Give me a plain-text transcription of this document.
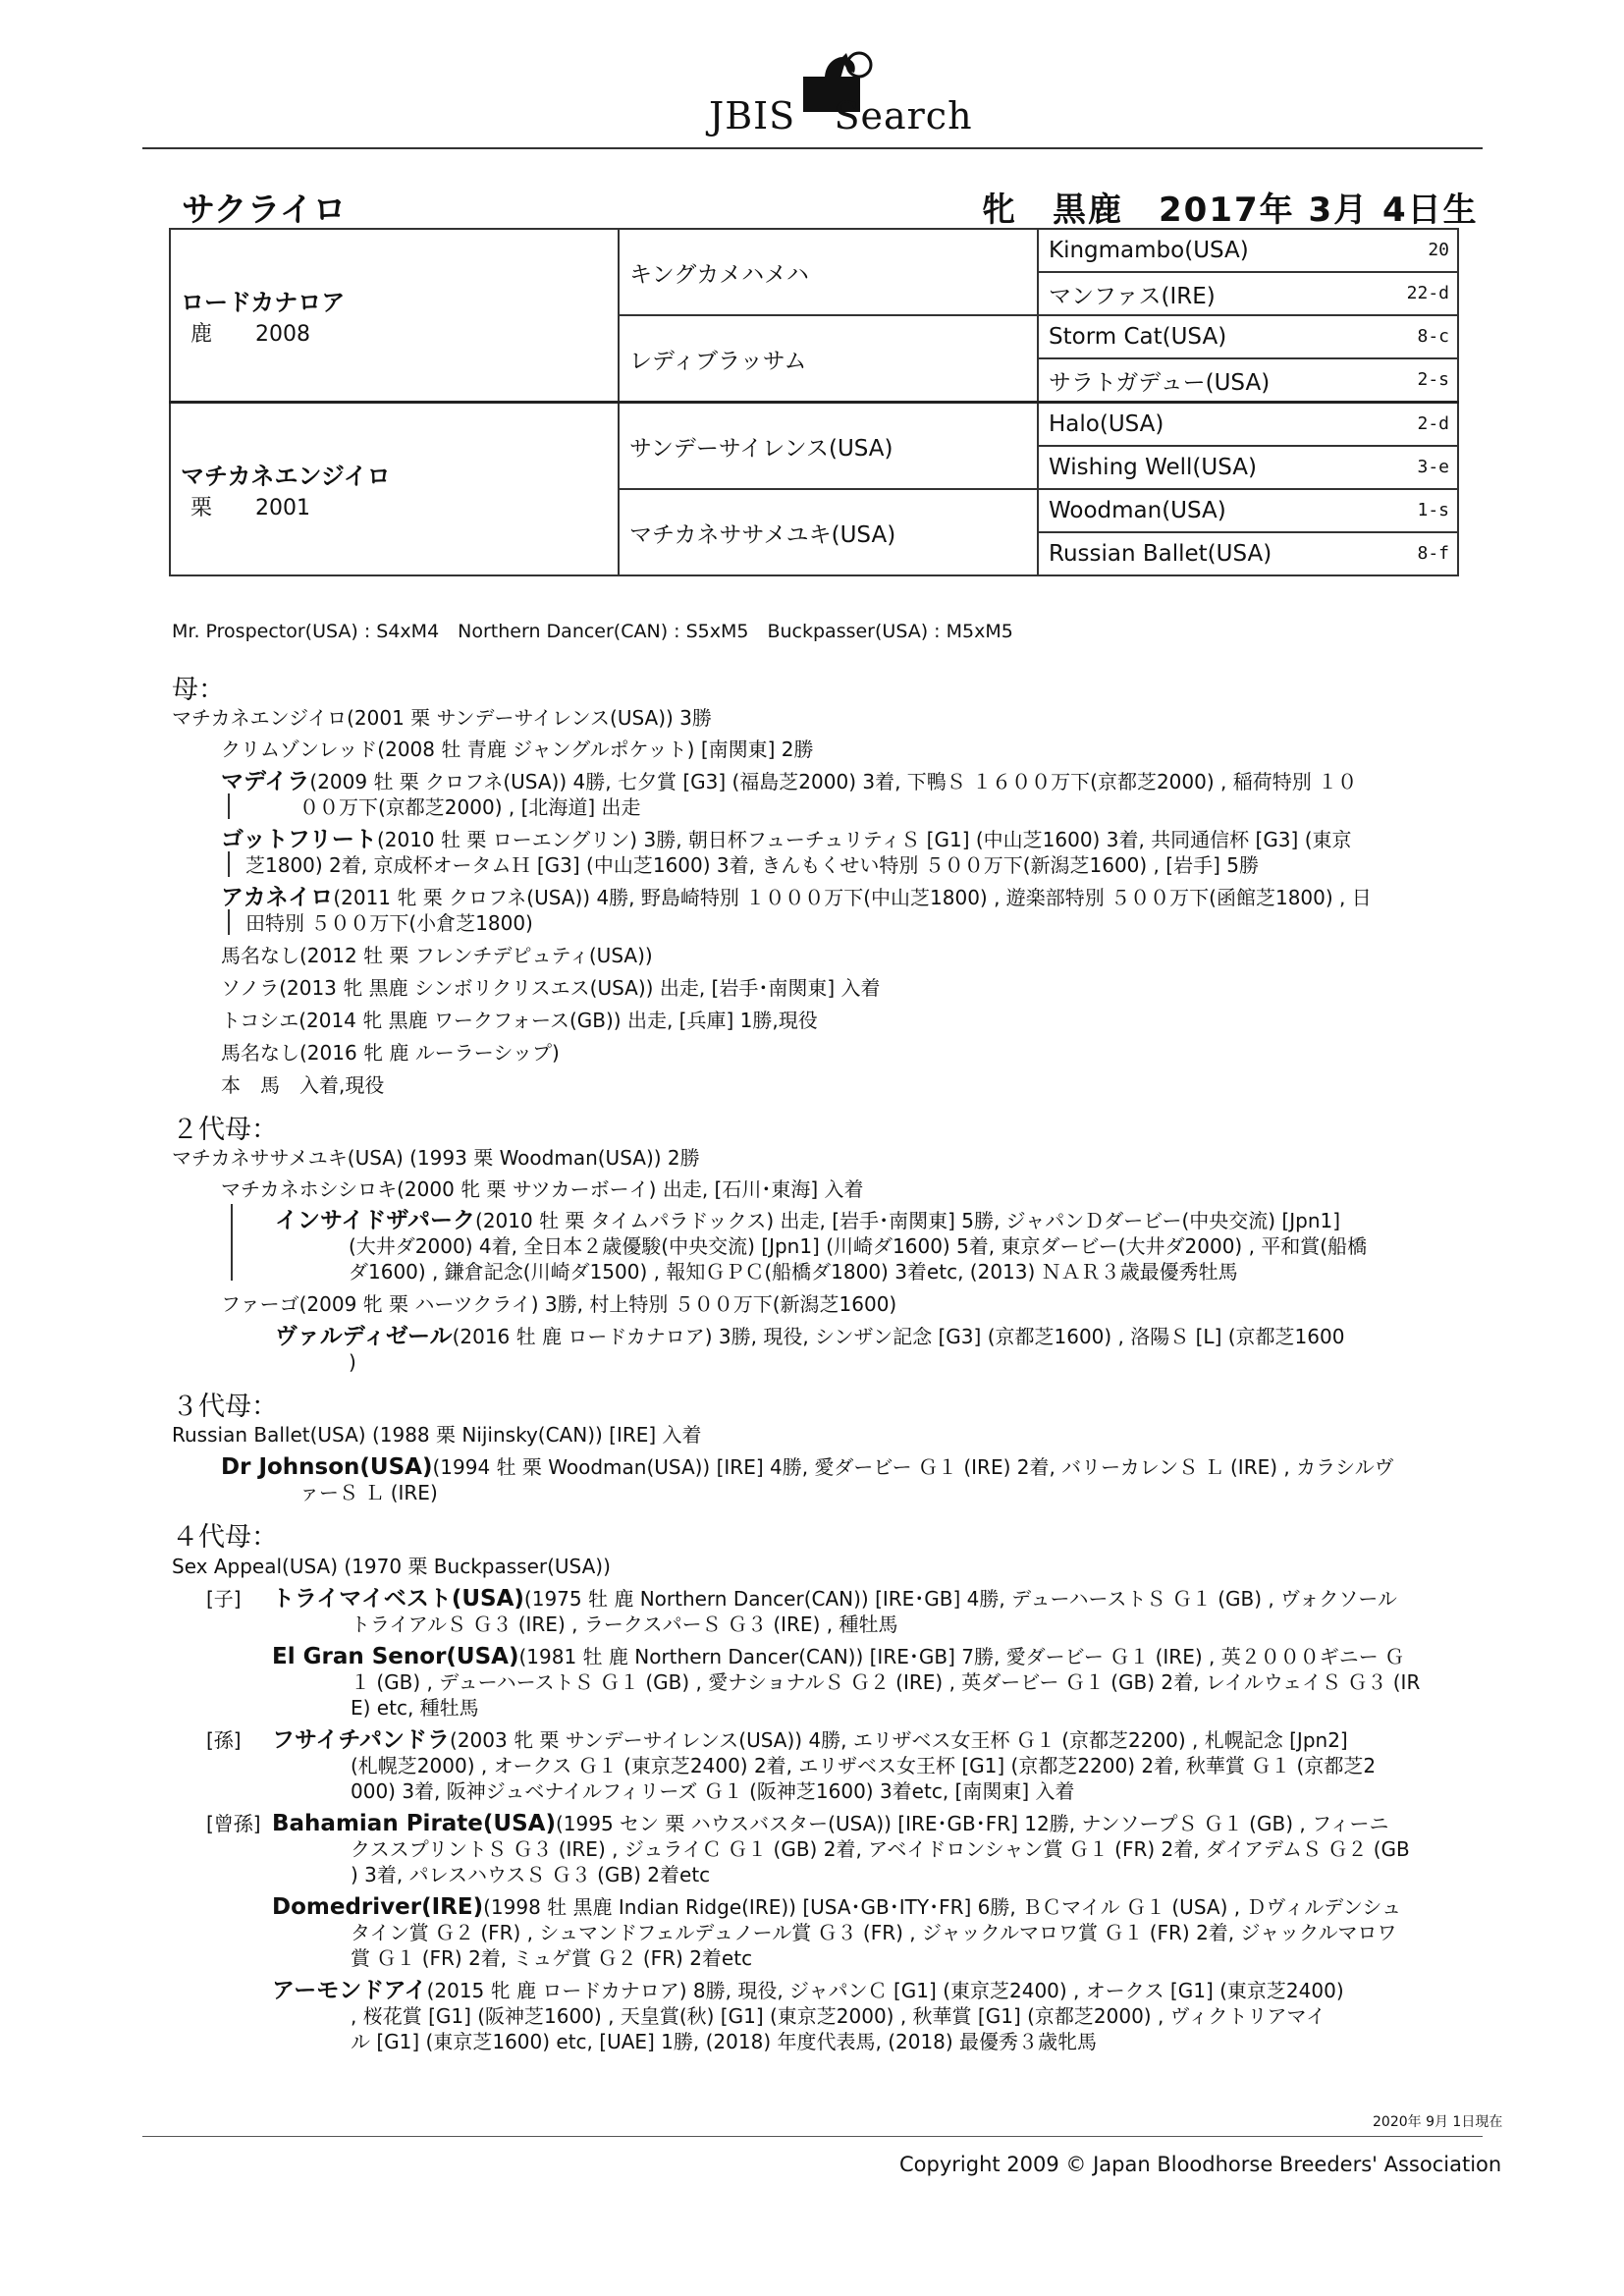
JBIS Search
サクライロ	牝　黒鹿　2017年 3月 4日生
ロードカナロア
鹿　　2008	キングカメハメハ	Kingmambo(USA) 20

		マンファス(IRE) 22-d

	レディブラッサム	Storm Cat(USA) 8-c

		サラトガデュー(USA) 2-s

マチカネエンジイロ
栗　　2001	サンデーサイレンス(USA)	Halo(USA) 2-d

		Wishing Well(USA) 3-e

	マチカネササメユキ(USA)	Woodman(USA) 1-s

		Russian Ballet(USA) 8-f
Mr. Prospector(USA) : S4xM4　Northern Dancer(CAN) : S5xM5　Buckpasser(USA) : M5xM5
母：
マチカネエンジイロ(2001 栗 サンデーサイレンス(USA)) 3勝
クリムゾンレッド(2008 牡 青鹿 ジャングルポケット) [南関東] 2勝
マデイラ(2009 牡 栗 クロフネ(USA)) 4勝, 七夕賞 [G3] (福島芝2000) 3着, 下鴨Ｓ １６００万下(京都芝2000) , 稲荷特別 １０
００万下(京都芝2000) , [北海道] 出走
ゴットフリート(2010 牡 栗 ローエングリン) 3勝, 朝日杯フューチュリティＳ [G1] (中山芝1600) 3着, 共同通信杯 [G3] (東京
芝1800) 2着, 京成杯オータムＨ [G3] (中山芝1600) 3着, きんもくせい特別 ５００万下(新潟芝1600) , [岩手] 5勝
アカネイロ(2011 牝 栗 クロフネ(USA)) 4勝, 野島崎特別 １０００万下(中山芝1800) , 遊楽部特別 ５００万下(函館芝1800) , 日
田特別 ５００万下(小倉芝1800)
馬名なし(2012 牡 栗 フレンチデピュティ(USA))
ソノラ(2013 牝 黒鹿 シンボリクリスエス(USA)) 出走, [岩手･南関東] 入着
トコシエ(2014 牝 黒鹿 ワークフォース(GB)) 出走, [兵庫] 1勝,現役
馬名なし(2016 牝 鹿 ルーラーシップ)
本　馬　入着,現役
２代母：
マチカネササメユキ(USA) (1993 栗 Woodman(USA)) 2勝
マチカネホシシロキ(2000 牝 栗 サツカーボーイ) 出走, [石川･東海] 入着
インサイドザパーク(2010 牡 栗 タイムパラドックス) 出走, [岩手･南関東] 5勝, ジャパンＤダービー(中央交流) [Jpn1]
(大井ダ2000) 4着, 全日本２歳優駿(中央交流) [Jpn1] (川崎ダ1600) 5着, 東京ダービー(大井ダ2000) , 平和賞(船橋
ダ1600) , 鎌倉記念(川崎ダ1500) , 報知ＧＰＣ(船橋ダ1800) 3着etc, (2013) ＮＡＲ３歳最優秀牡馬
ファーゴ(2009 牝 栗 ハーツクライ) 3勝, 村上特別 ５００万下(新潟芝1600)
ヴァルディゼール(2016 牡 鹿 ロードカナロア) 3勝, 現役, シンザン記念 [G3] (京都芝1600) , 洛陽Ｓ [L] (京都芝1600
)
３代母：
Russian Ballet(USA) (1988 栗 Nijinsky(CAN)) [IRE] 入着
Dr Johnson(USA)(1994 牡 栗 Woodman(USA)) [IRE] 4勝, 愛ダービー Ｇ１ (IRE) 2着, バリーカレンＳ Ｌ (IRE) , カラシルヴ
ァーＳ Ｌ (IRE)
４代母：
Sex Appeal(USA) (1970 栗 Buckpasser(USA))
[子] トライマイベスト(USA)(1975 牡 鹿 Northern Dancer(CAN)) [IRE･GB] 4勝, デューハーストＳ Ｇ１ (GB) , ヴォクソール
トライアルＳ Ｇ３ (IRE) , ラークスパーＳ Ｇ３ (IRE) , 種牡馬
El Gran Senor(USA)(1981 牡 鹿 Northern Dancer(CAN)) [IRE･GB] 7勝, 愛ダービー Ｇ１ (IRE) , 英２０００ギニー Ｇ
１ (GB) , デューハーストＳ Ｇ１ (GB) , 愛ナショナルＳ Ｇ２ (IRE) , 英ダービー Ｇ１ (GB) 2着, レイルウェイＳ Ｇ３ (IR
E) etc, 種牡馬
[孫] フサイチパンドラ(2003 牝 栗 サンデーサイレンス(USA)) 4勝, エリザベス女王杯 Ｇ１ (京都芝2200) , 札幌記念 [Jpn2]
(札幌芝2000) , オークス Ｇ１ (東京芝2400) 2着, エリザベス女王杯 [G1] (京都芝2200) 2着, 秋華賞 Ｇ１ (京都芝2
000) 3着, 阪神ジュベナイルフィリーズ Ｇ１ (阪神芝1600) 3着etc, [南関東] 入着
[曾孫] Bahamian Pirate(USA)(1995 セン 栗 ハウスバスター(USA)) [IRE･GB･FR] 12勝, ナンソープＳ Ｇ１ (GB) , フィーニ
クススプリントＳ Ｇ３ (IRE) , ジュライＣ Ｇ１ (GB) 2着, アベイドロンシャン賞 Ｇ１ (FR) 2着, ダイアデムＳ Ｇ２ (GB
) 3着, パレスハウスＳ Ｇ３ (GB) 2着etc
Domedriver(IRE)(1998 牡 黒鹿 Indian Ridge(IRE)) [USA･GB･ITY･FR] 6勝, ＢＣマイル Ｇ１ (USA) , Ｄヴィルデンシュ
タイン賞 Ｇ２ (FR) , シュマンドフェルデュノール賞 Ｇ３ (FR) , ジャックルマロワ賞 Ｇ１ (FR) 2着, ジャックルマロワ
賞 Ｇ１ (FR) 2着, ミュゲ賞 Ｇ２ (FR) 2着etc
アーモンドアイ(2015 牝 鹿 ロードカナロア) 8勝, 現役, ジャパンＣ [G1] (東京芝2400) , オークス [G1] (東京芝2400)
, 桜花賞 [G1] (阪神芝1600) , 天皇賞(秋) [G1] (東京芝2000) , 秋華賞 [G1] (京都芝2000) , ヴィクトリアマイ
ル [G1] (東京芝1600) etc, [UAE] 1勝, (2018) 年度代表馬, (2018) 最優秀３歳牝馬
2020年 9月 1日現在
Copyright 2009 © Japan Bloodhorse Breeders' Association
